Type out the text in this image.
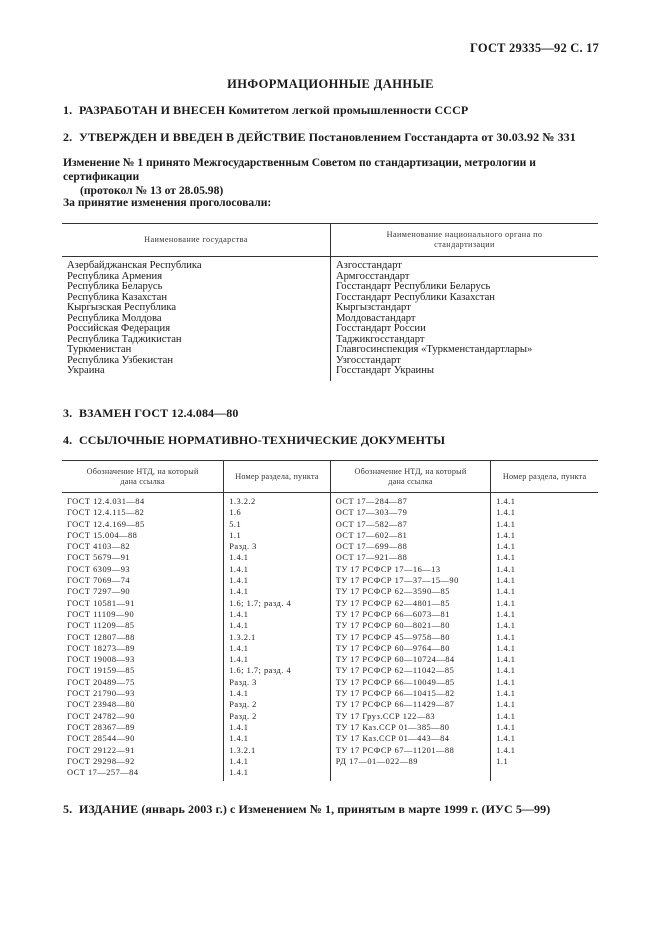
ГОСТ 29335—92 С. 17
ИНФОРМАЦИОННЫЕ ДАННЫЕ
1. РАЗРАБОТАН И ВНЕСЕН Комитетом легкой промышленности СССР
2. УТВЕРЖДЕН И ВВЕДЕН В ДЕЙСТВИЕ Постановлением Госстандарта от 30.03.92 № 331
Изменение № 1 принято Межгосударственным Советом по стандартизации, метрологии и сертификации
(протокол № 13 от 28.05.98)
За принятие изменения проголосовали:
Наименование государства	Наименование национального органа по стандартизации

Азербайджанская Республика	Азгосстандарт
Республика Армения	Армгосстандарт
Республика Беларусь	Госстандарт Республики Беларусь
Республика Казахстан	Госстандарт Республики Казахстан
Кыргызская Республика	Кыргызстандарт
Республика Молдова	Молдовастандарт
Российская Федерация	Госстандарт России
Республика Таджикистан	Таджикгосстандарт
Туркменистан	Главгосинспекция «Туркменстандартлары»
Республика Узбекистан	Узгосстандарт
Украина	Госстандарт Украины
3. ВЗАМЕН ГОСТ 12.4.084—80
4. ССЫЛОЧНЫЕ НОРМАТИВНО-ТЕХНИЧЕСКИЕ ДОКУМЕНТЫ
Обозначение НТД, на который дана ссылка	Номер раздела, пункта	Обозначение НТД, на который дана ссылка	Номер раздела, пункта
ГОСТ 12.4.031—84	1.3.2.2	ОСТ 17—284—87	1.4.1
ГОСТ 12.4.115—82	1.6	ОСТ 17—303—79	1.4.1
ГОСТ 12.4.169—85	5.1	ОСТ 17—582—87	1.4.1
ГОСТ 15.004—88	1.1	ОСТ 17—602—81	1.4.1
ГОСТ 4103—82	Разд. 3	ОСТ 17—699—88	1.4.1
ГОСТ 5679—91	1.4.1	ОСТ 17—921—88	1.4.1
ГОСТ 6309—93	1.4.1	ТУ 17 РСФСР 17—16—13	1.4.1
ГОСТ 7069—74	1.4.1	ТУ 17 РСФСР 17—37—15—90	1.4.1
ГОСТ 7297—90	1.4.1	ТУ 17 РСФСР 62—3590—85	1.4.1
ГОСТ 10581—91	1.6; 1.7; разд. 4	ТУ 17 РСФСР 62—4801—85	1.4.1
ГОСТ 11109—90	1.4.1	ТУ 17 РСФСР 66—6073—81	1.4.1
ГОСТ 11209—85	1.4.1	ТУ 17 РСФСР 60—8021—80	1.4.1
ГОСТ 12807—88	1.3.2.1	ТУ 17 РСФСР 45—9758—80	1.4.1
ГОСТ 18273—89	1.4.1	ТУ 17 РСФСР 60—9764—80	1.4.1
ГОСТ 19008—93	1.4.1	ТУ 17 РСФСР 60—10724—84	1.4.1
ГОСТ 19159—85	1.6; 1.7; разд. 4	ТУ 17 РСФСР 62—11042—85	1.4.1
ГОСТ 20489—75	Разд. 3	ТУ 17 РСФСР 66—10049—85	1.4.1
ГОСТ 21790—93	1.4.1	ТУ 17 РСФСР 66—10415—82	1.4.1
ГОСТ 23948—80	Разд. 2	ТУ 17 РСФСР 66—11429—87	1.4.1
ГОСТ 24782—90	Разд. 2	ТУ 17 Груз.ССР 122—83	1.4.1
ГОСТ 28367—89	1.4.1	ТУ 17 Каз.ССР 01—385—80	1.4.1
ГОСТ 28544—90	1.4.1	ТУ 17 Каз.ССР 01—443—84	1.4.1
ГОСТ 29122—91	1.3.2.1	ТУ 17 РСФСР 67—11201—88	1.4.1
ГОСТ 29298—92	1.4.1	РД 17—01—022—89	1.1
ОСТ 17—257—84	1.4.1		
5. ИЗДАНИЕ (январь 2003 г.) с Изменением № 1, принятым в марте 1999 г. (ИУС 5—99)
